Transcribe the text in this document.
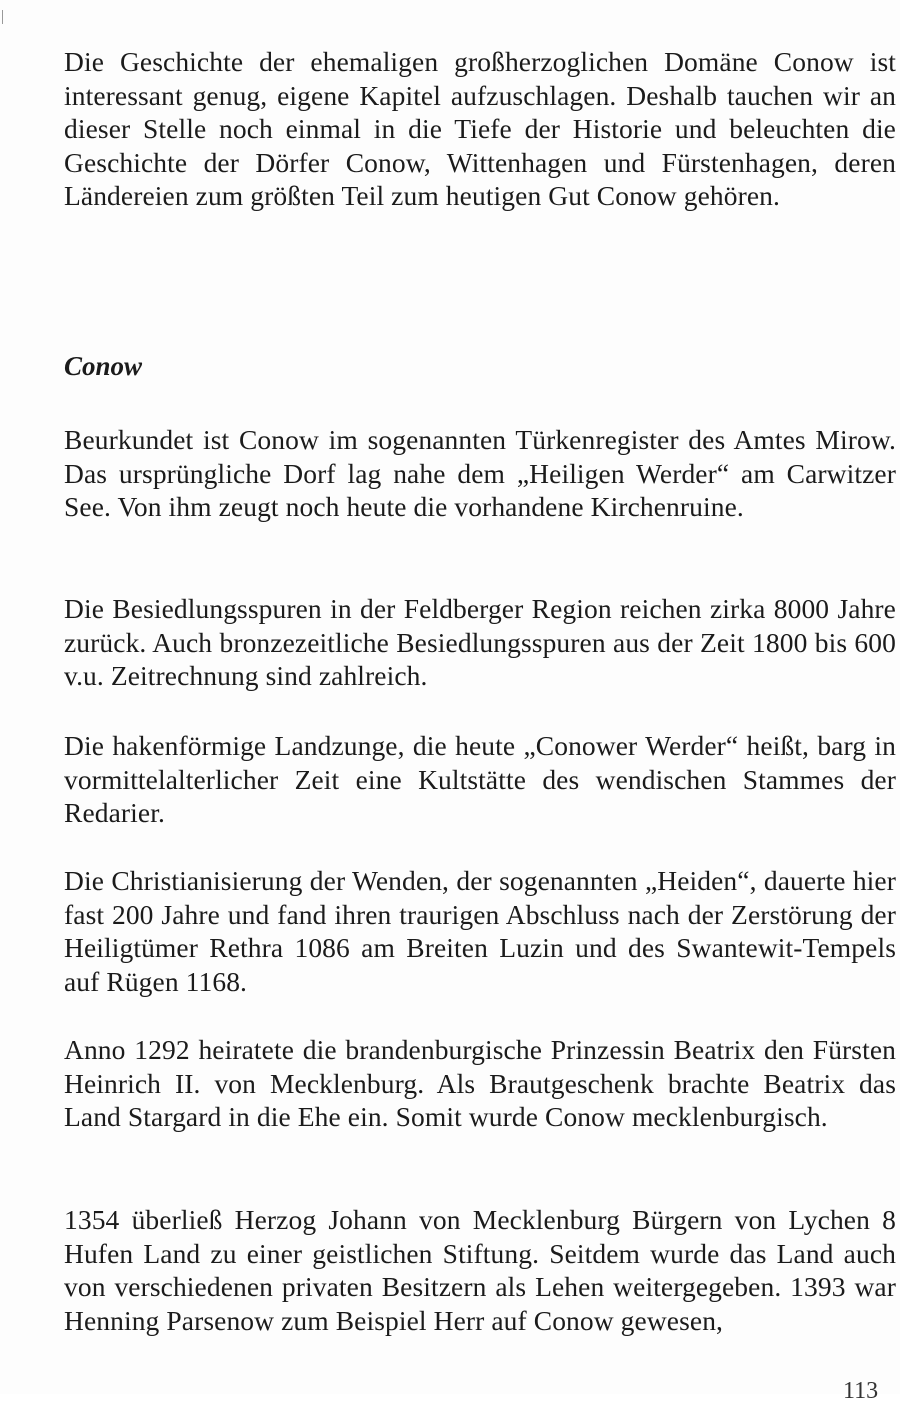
Die Geschichte der ehemaligen großherzoglichen Domäne Conow ist interessant genug, eigene Kapitel aufzuschlagen. Deshalb tauchen wir an dieser Stelle noch einmal in die Tiefe der Historie und beleuchten die Geschichte der Dörfer Conow, Wittenhagen und Fürstenhagen, deren Ländereien zum größten Teil zum heutigen Gut Conow gehören.
Conow
Beurkundet ist Conow im sogenannten Türkenregister des Amtes Mirow. Das ursprüngliche Dorf lag nahe dem „Heiligen Werder“ am Carwitzer See. Von ihm zeugt noch heute die vorhandene Kirchenruine.
Die Besiedlungsspuren in der Feldberger Region reichen zirka 8000 Jahre zurück. Auch bronzezeitliche Besiedlungsspuren aus der Zeit 1800 bis 600 v.u. Zeitrechnung sind zahlreich.
Die hakenförmige Landzunge, die heute „Conower Werder“ heißt, barg in vormittelalterlicher Zeit eine Kultstätte des wendischen Stammes der Redarier.
Die Christianisierung der Wenden, der sogenannten „Heiden“, dauerte hier fast 200 Jahre und fand ihren traurigen Abschluss nach der Zerstörung der Heiligtümer Rethra 1086 am Breiten Luzin und des Swantewit-Tempels auf Rügen 1168.
Anno 1292 heiratete die brandenburgische Prinzessin Beatrix den Fürsten Heinrich II. von Mecklenburg. Als Brautgeschenk brachte Beatrix das Land Stargard in die Ehe ein. Somit wurde Conow mecklenburgisch.
1354 überließ Herzog Johann von Mecklenburg Bürgern von Lychen 8 Hufen Land zu einer geistlichen Stiftung. Seitdem wurde das Land auch von verschiedenen privaten Besitzern als Lehen weitergegeben. 1393 war Henning Parsenow zum Beispiel Herr auf Conow gewesen,
113
